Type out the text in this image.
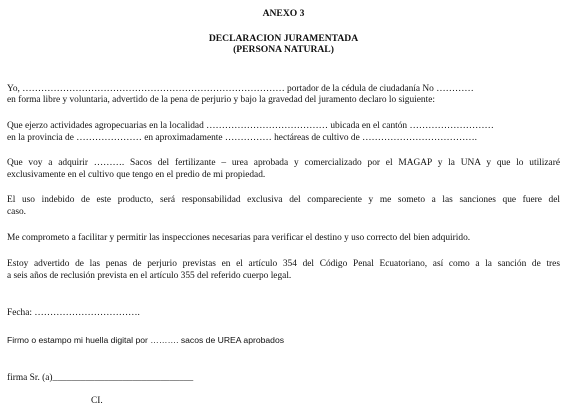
ANEXO 3
DECLARACION JURAMENTADA
(PERSONA NATURAL)
Yo, ………………………………………………………………………… portador de la cédula de ciudadanía No …………
en forma libre y voluntaria, advertido de la pena de perjurio y bajo la gravedad del juramento declaro lo siguiente:
Que ejerzo actividades agropecuarias en la localidad ………………………………… ubicada en el cantón ………………………
en la provincia de ………………… en aproximadamente …………… hectáreas de cultivo de ……………………………….
Que voy a adquirir ………. Sacos del fertilizante – urea aprobada y comercializado por el MAGAP y la UNA y que lo utilizaré
exclusivamente en el cultivo que tengo en el predio de mi propiedad.
El uso indebido de este producto, será responsabilidad exclusiva del compareciente y me someto a las sanciones que fuere del
caso.
Me comprometo a facilitar y permitir las inspecciones necesarias para verificar el destino y uso correcto del bien adquirido.
Estoy advertido de las penas de perjurio previstas en el artículo 354 del Código Penal Ecuatoriano, así como a la sanción de tres
a seis años de reclusión prevista en el artículo 355 del referido cuerpo legal.
Fecha: …………………………….
Firmo o estampo mi huella digital por ………. sacos de UREA aprobados
firma Sr. (a)______________________________
CI.
